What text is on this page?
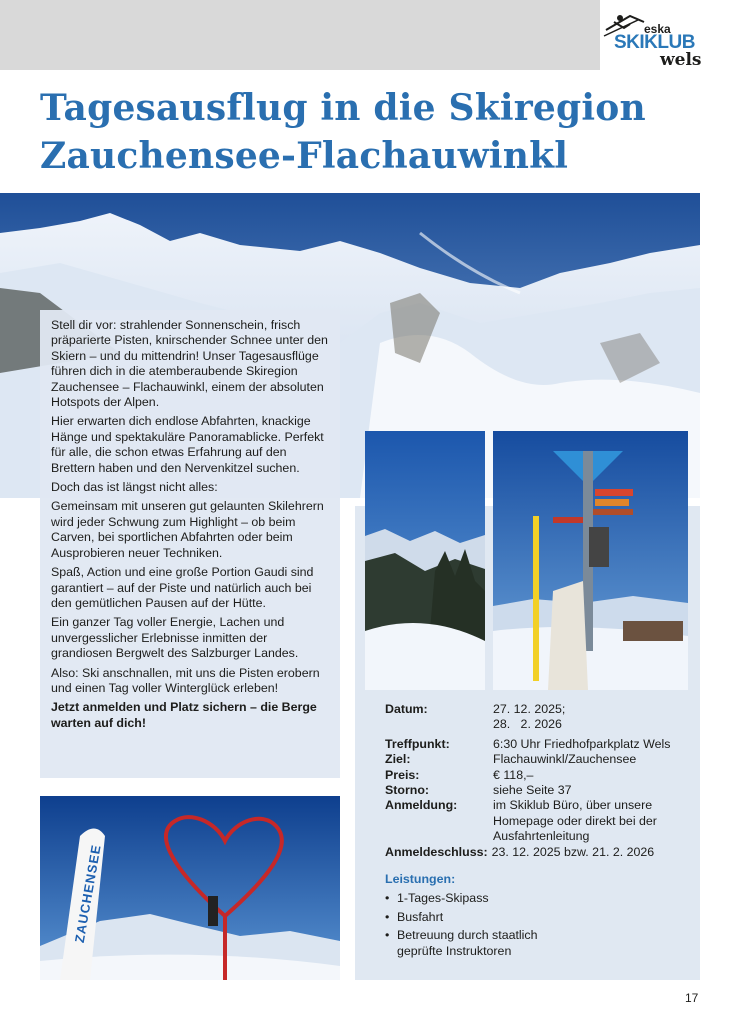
eska
SKIKLUB
wels
Tagesausflug in die Skiregion
Zauchensee-Flachauwinkl
ZAUCHENSEE

Stell dir vor: strahlender Sonnenschein, frisch präparierte Pisten, knirschender Schnee unter den Skiern – und du mittendrin! Unser Tagesausflüge führen dich in die atemberaubende Skiregion Zauchensee – Flachauwinkl, einem der absoluten Hotspots der Alpen.

Hier erwarten dich endlose Abfahrten, knackige Hänge und spektakuläre Panoramablicke. Perfekt für alle, die schon etwas Erfahrung auf den Brettern haben und den Nervenkitzel suchen.

Doch das ist längst nicht alles:

Gemeinsam mit unseren gut gelaunten Skilehrern wird jeder Schwung zum Highlight – ob beim Carven, bei sportlichen Abfahrten oder beim Ausprobieren neuer Techniken.

Spaß, Action und eine große Portion Gaudi sind garantiert – auf der Piste und natürlich auch bei den gemütlichen Pausen auf der Hütte.

Ein ganzer Tag voller Energie, Lachen und unvergesslicher Erlebnisse inmitten der grandiosen Bergwelt des Salzburger Landes.

Also: Ski anschnallen, mit uns die Pisten erobern und einen Tag voller Winterglück erleben!

Jetzt anmelden und Platz sichern – die Berge warten auf dich!

Datum:	27. 12. 2025;
28.   2. 2026
Treffpunkt:	6:30 Uhr Friedhofparkplatz Wels
Ziel:	Flachauwinkl/Zauchensee
Preis:	€ 118,–
Storno:	siehe Seite 37
Anmeldung:	im Skiklub Büro, über unsere Homepage oder direkt bei der Ausfahrtenleitung
Anmeldeschluss: 23. 12. 2025 bzw. 21. 2. 2026
Leistungen:
• 1-Tages-Skipass
• Busfahrt
• Betreuung durch staatlich geprüfte Instruktoren
17
